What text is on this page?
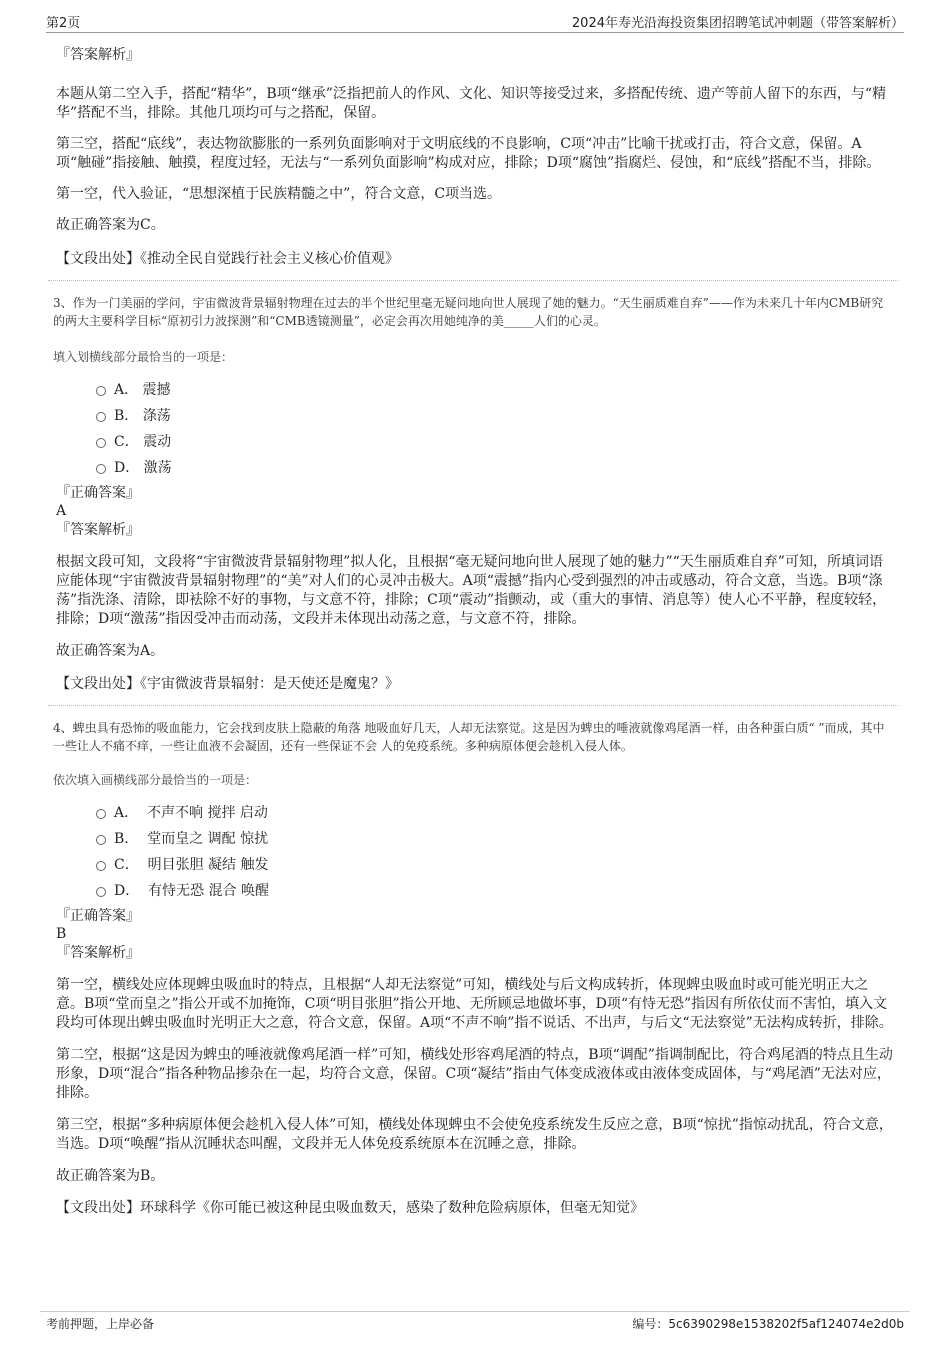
第2页	2024年寿光沿海投资集团招聘笔试冲刺题（带答案解析）
『答案解析』

本题从第二空入手，搭配“精华”，B项“继承”泛指把前人的作风、文化、知识等接受过来，多搭配传统、遗产等前人留下的东西，与“精华”搭配不当，排除。其他几项均可与之搭配，保留。

第三空，搭配“底线”，表达物欲膨胀的一系列负面影响对于文明底线的不良影响，C项“冲击”比喻干扰或打击，符合文意，保留。A项“触碰”指接触、触摸，程度过轻，无法与“一系列负面影响”构成对应，排除；D项“腐蚀”指腐烂、侵蚀，和“底线”搭配不当，排除。

第一空，代入验证，“思想深植于民族精髓之中”，符合文意，C项当选。

故正确答案为C。

【文段出处】《推动全民自觉践行社会主义核心价值观》

3、作为一门美丽的学问，宇宙微波背景辐射物理在过去的半个世纪里毫无疑问地向世人展现了她的魅力。“天生丽质难自弃”——作为未来几十年内CMB研究的两大主要科学目标“原初引力波探测”和“CMB透镜测量”，必定会再次用她纯净的美_____人们的心灵。

填入划横线部分最恰当的一项是：

A． 震撼
B． 涤荡
C． 震动
D． 激荡
『正确答案』
A
『答案解析』

根据文段可知，文段将“宇宙微波背景辐射物理”拟人化，且根据“毫无疑问地向世人展现了她的魅力”“天生丽质难自弃”可知，所填词语应能体现“宇宙微波背景辐射物理”的“美”对人们的心灵冲击极大。A项“震撼”指内心受到强烈的冲击或感动，符合文意，当选。B项“涤荡”指洗涤、清除，即袪除不好的事物，与文意不符，排除；C项“震动”指颤动，或（重大的事情、消息等）使人心不平静，程度较轻，排除；D项“激荡”指因受冲击而动荡，文段并未体现出动荡之意，与文意不符，排除。

故正确答案为A。

【文段出处】《宇宙微波背景辐射：是天使还是魔鬼？》

4、蜱虫具有恐怖的吸血能力，它会找到皮肤上隐蔽的角落 地吸血好几天，人却无法察觉。这是因为蜱虫的唾液就像鸡尾酒一样，由各种蛋白质“ ”而成，其中一些让人不痛不痒，一些让血液不会凝固，还有一些保证不会 人的免疫系统。多种病原体便会趁机入侵人体。

依次填入画横线部分最恰当的一项是：

A．  不声不响 搅拌 启动
B．  堂而皇之 调配 惊扰
C．  明目张胆 凝结 触发
D．  有恃无恐 混合 唤醒
『正确答案』
B
『答案解析』

第一空，横线处应体现蜱虫吸血时的特点，且根据“人却无法察觉”可知，横线处与后文构成转折，体现蜱虫吸血时或可能光明正大之意。B项“堂而皇之”指公开或不加掩饰，C项“明目张胆”指公开地、无所顾忌地做坏事，D项“有恃无恐”指因有所依仗而不害怕，填入文段均可体现出蜱虫吸血时光明正大之意，符合文意，保留。A项“不声不响”指不说话、不出声，与后文“无法察觉”无法构成转折，排除。

第二空，根据“这是因为蜱虫的唾液就像鸡尾酒一样”可知，横线处形容鸡尾酒的特点，B项“调配”指调制配比，符合鸡尾酒的特点且生动形象，D项“混合”指各种物品掺杂在一起，均符合文意，保留。C项“凝结”指由气体变成液体或由液体变成固体，与“鸡尾酒”无法对应，排除。

第三空，根据“多种病原体便会趁机入侵人体”可知，横线处体现蜱虫不会使免疫系统发生反应之意，B项“惊扰”指惊动扰乱，符合文意，当选。D项“唤醒”指从沉睡状态叫醒，文段并无人体免疫系统原本在沉睡之意，排除。

故正确答案为B。

【文段出处】环球科学《你可能已被这种昆虫吸血数天，感染了数种危险病原体，但毫无知觉》

考前押题，上岸必备	编号：5c6390298e1538202f5af124074e2d0b
